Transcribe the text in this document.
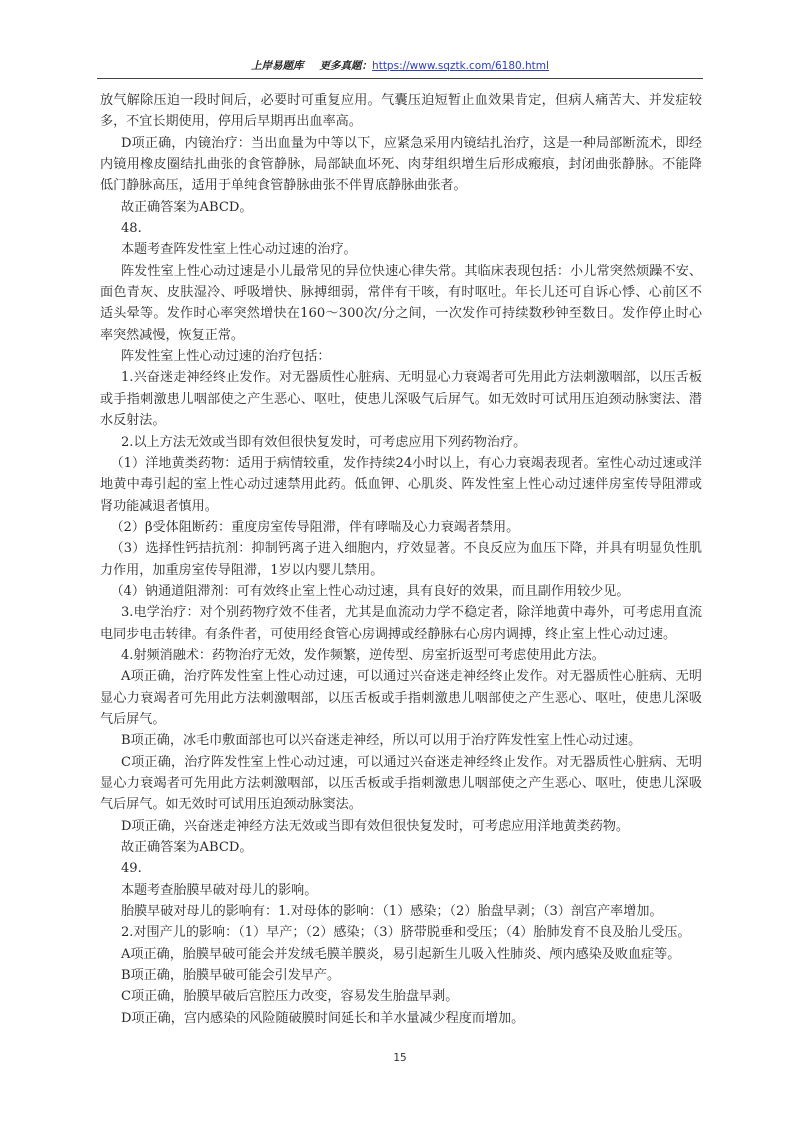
上岸易题库 更多真题：https://www.sqztk.com/6180.html

放气解除压迫一段时间后，必要时可重复应用。气囊压迫短暂止血效果肯定，但病人痛苦大、并发症较多，不宜长期使用，停用后早期再出血率高。

D项正确，内镜治疗：当出血量为中等以下，应紧急采用内镜结扎治疗，这是一种局部断流术，即经内镜用橡皮圈结扎曲张的食管静脉，局部缺血坏死、肉芽组织增生后形成瘢痕，封闭曲张静脉。不能降低门静脉高压，适用于单纯食管静脉曲张不伴胃底静脉曲张者。

故正确答案为ABCD。

48.

本题考查阵发性室上性心动过速的治疗。

阵发性室上性心动过速是小儿最常见的异位快速心律失常。其临床表现包括：小儿常突然烦躁不安、面色青灰、皮肤湿冷、呼吸增快、脉搏细弱，常伴有干咳，有时呕吐。年长儿还可自诉心悸、心前区不适头晕等。发作时心率突然增快在160～300次/分之间，一次发作可持续数秒钟至数日。发作停止时心率突然减慢，恢复正常。

阵发性室上性心动过速的治疗包括：

1.兴奋迷走神经终止发作。对无器质性心脏病、无明显心力衰竭者可先用此方法刺激咽部，以压舌板或手指刺激患儿咽部使之产生恶心、呕吐，使患儿深吸气后屏气。如无效时可试用压迫颈动脉窦法、潜水反射法。

2.以上方法无效或当即有效但很快复发时，可考虑应用下列药物治疗。

（1）洋地黄类药物：适用于病情较重，发作持续24小时以上，有心力衰竭表现者。室性心动过速或洋地黄中毒引起的室上性心动过速禁用此药。低血钾、心肌炎、阵发性室上性心动过速伴房室传导阻滞或肾功能减退者慎用。

（2）β受体阻断药：重度房室传导阻滞，伴有哮喘及心力衰竭者禁用。

（3）选择性钙拮抗剂：抑制钙离子进入细胞内，疗效显著。不良反应为血压下降，并具有明显负性肌力作用，加重房室传导阻滞，1岁以内婴儿禁用。

（4）钠通道阻滞剂：可有效终止室上性心动过速，具有良好的效果，而且副作用较少见。

3.电学治疗：对个别药物疗效不佳者，尤其是血流动力学不稳定者，除洋地黄中毒外，可考虑用直流电同步电击转律。有条件者，可使用经食管心房调搏或经静脉右心房内调搏，终止室上性心动过速。

4.射频消融术：药物治疗无效，发作频繁，逆传型、房室折返型可考虑使用此方法。

A项正确，治疗阵发性室上性心动过速，可以通过兴奋迷走神经终止发作。对无器质性心脏病、无明显心力衰竭者可先用此方法刺激咽部，以压舌板或手指刺激患儿咽部使之产生恶心、呕吐，使患儿深吸气后屏气。

B项正确，冰毛巾敷面部也可以兴奋迷走神经，所以可以用于治疗阵发性室上性心动过速。

C项正确，治疗阵发性室上性心动过速，可以通过兴奋迷走神经终止发作。对无器质性心脏病、无明显心力衰竭者可先用此方法刺激咽部，以压舌板或手指刺激患儿咽部使之产生恶心、呕吐，使患儿深吸气后屏气。如无效时可试用压迫颈动脉窦法。

D项正确，兴奋迷走神经方法无效或当即有效但很快复发时，可考虑应用洋地黄类药物。

故正确答案为ABCD。

49.

本题考查胎膜早破对母儿的影响。

胎膜早破对母儿的影响有：1.对母体的影响：（1）感染；（2）胎盘早剥；（3）剖宫产率增加。

2.对围产儿的影响：（1）早产；（2）感染；（3）脐带脱垂和受压；（4）胎肺发育不良及胎儿受压。

A项正确，胎膜早破可能会并发绒毛膜羊膜炎，易引起新生儿吸入性肺炎、颅内感染及败血症等。

B项正确，胎膜早破可能会引发早产。

C项正确，胎膜早破后宫腔压力改变，容易发生胎盘早剥。

D项正确，宫内感染的风险随破膜时间延长和羊水量减少程度而增加。

15
